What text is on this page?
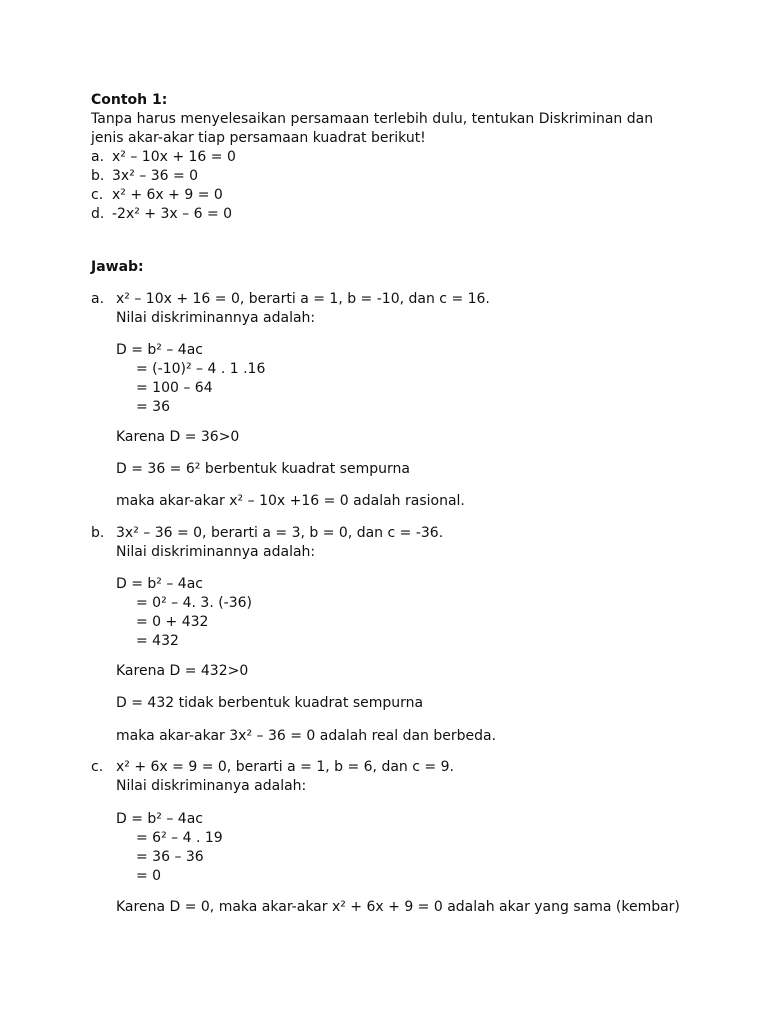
Contoh 1:
Tanpa harus menyelesaikan persamaan terlebih dulu, tentukan Diskriminan dan
jenis akar-akar tiap persamaan kuadrat berikut!
a. x² – 10x + 16 = 0
b. 3x² – 36 = 0
c. x² + 6x + 9 = 0
d. -2x² + 3x – 6 = 0
Jawab:
a. x² – 10x + 16 = 0, berarti a = 1, b = -10, dan c = 16.
Nilai diskriminannya adalah:
D = b² – 4ac
= (-10)² – 4 . 1 .16
= 100 – 64
= 36
Karena D = 36>0
D = 36 = 6² berbentuk kuadrat sempurna
maka akar-akar x² – 10x +16 = 0 adalah rasional.
b. 3x² – 36 = 0, berarti a = 3, b = 0, dan c = -36.
Nilai diskriminannya adalah:
D = b² – 4ac
= 0² – 4. 3. (-36)
= 0 + 432
= 432
Karena D = 432>0
D = 432 tidak berbentuk kuadrat sempurna
maka akar-akar 3x² – 36 = 0 adalah real dan berbeda.
c. x² + 6x = 9 = 0, berarti a = 1, b = 6, dan c = 9.
Nilai diskriminanya adalah:
D = b² – 4ac
= 6² – 4 . 19
= 36 – 36
= 0
Karena D = 0, maka akar-akar x² + 6x + 9 = 0 adalah akar yang sama (kembar)
